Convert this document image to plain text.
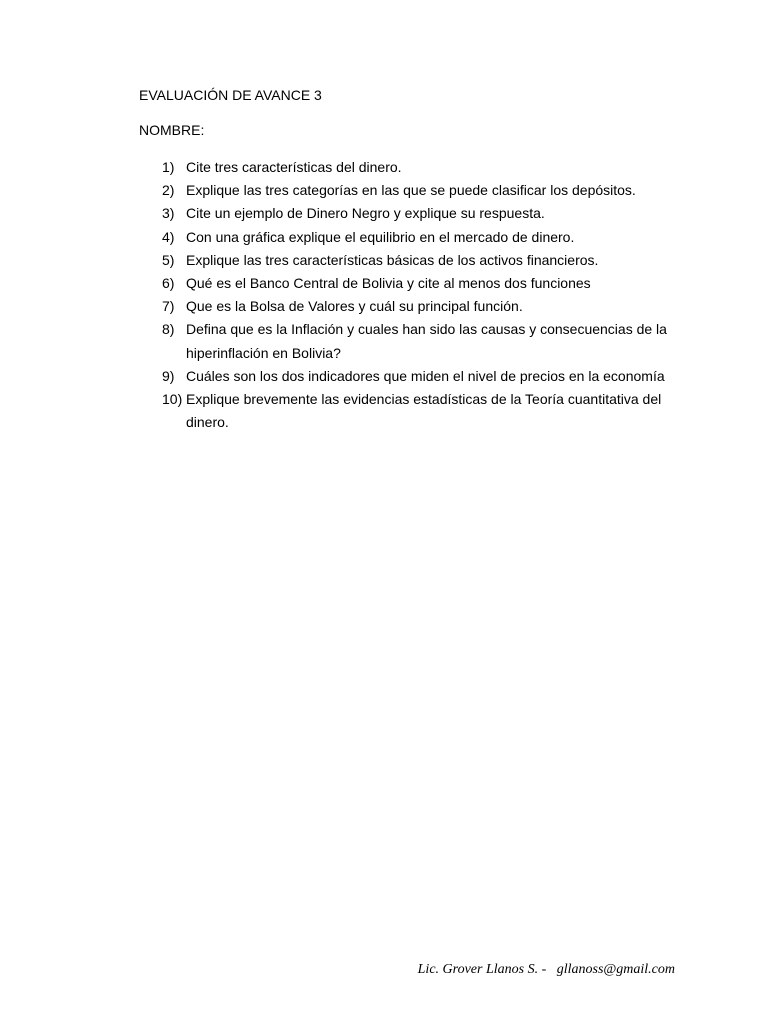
EVALUACIÓN DE AVANCE 3
NOMBRE:
1) Cite tres características del dinero.
2) Explique las tres categorías en las que se puede clasificar los depósitos.
3) Cite un ejemplo de Dinero Negro y explique su respuesta.
4) Con una gráfica explique el equilibrio en el mercado de dinero.
5) Explique las tres características básicas de los activos financieros.
6) Qué es el Banco Central de Bolivia y cite al menos dos funciones
7) Que es la Bolsa de Valores y cuál su principal función.
8) Defina que es la Inflación y cuales han sido las causas y consecuencias de la hiperinflación en Bolivia?
9) Cuáles son los dos indicadores que miden el nivel de precios en la economía
10) Explique brevemente las evidencias estadísticas de la Teoría cuantitativa del dinero.
Lic. Grover Llanos S. -   gllanoss@gmail.com
